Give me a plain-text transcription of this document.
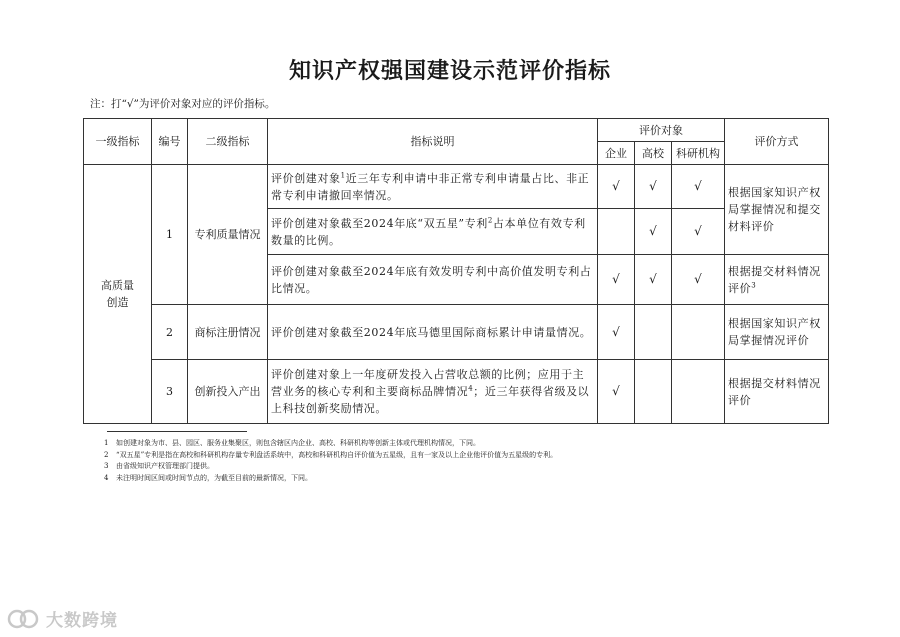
知识产权强国建设示范评价指标
注：打“√”为评价对象对应的评价指标。
一级指标	编号	二级指标	指标说明	评价对象			评价方式
				企业	高校	科研机构	
高质量
创造	1	专利质量情况	评价创建对象$^1$近三年专利申请中非正常专利申请量占比、非正常专利申请撤回率情况。	√	√	√	根据国家知识产权局掌握情况和提交材料评价
			评价创建对象截至2024年底“双五星”专利$^2$占本单位有效专利数量的比例。		√	√	
			评价创建对象截至2024年底有效发明专利中高价值发明专利占比情况。	√	√	√	根据提交材料情况评价$^3$
	2	商标注册情况	评价创建对象截至2024年底马德里国际商标累计申请量情况。	√			根据国家知识产权局掌握情况评价
	3	创新投入产出	评价创建对象上一年度研发投入占营收总额的比例；应用于主营业务的核心专利和主要商标品牌情况$^4$；近三年获得省级及以上科技创新奖励情况。	√			根据提交材料情况评价
1 如创建对象为市、县、园区、服务业集聚区，则包含辖区内企业、高校、科研机构等创新主体或代理机构情况，下同。
2 “双五星”专利是指在高校和科研机构存量专利盘活系统中，高校和科研机构自评价值为五星级，且有一家及以上企业他评价值为五星级的专利。
3 由省级知识产权管理部门提供。
4 未注明时间区间或时间节点的，为截至目前的最新情况，下同。
大数跨境
